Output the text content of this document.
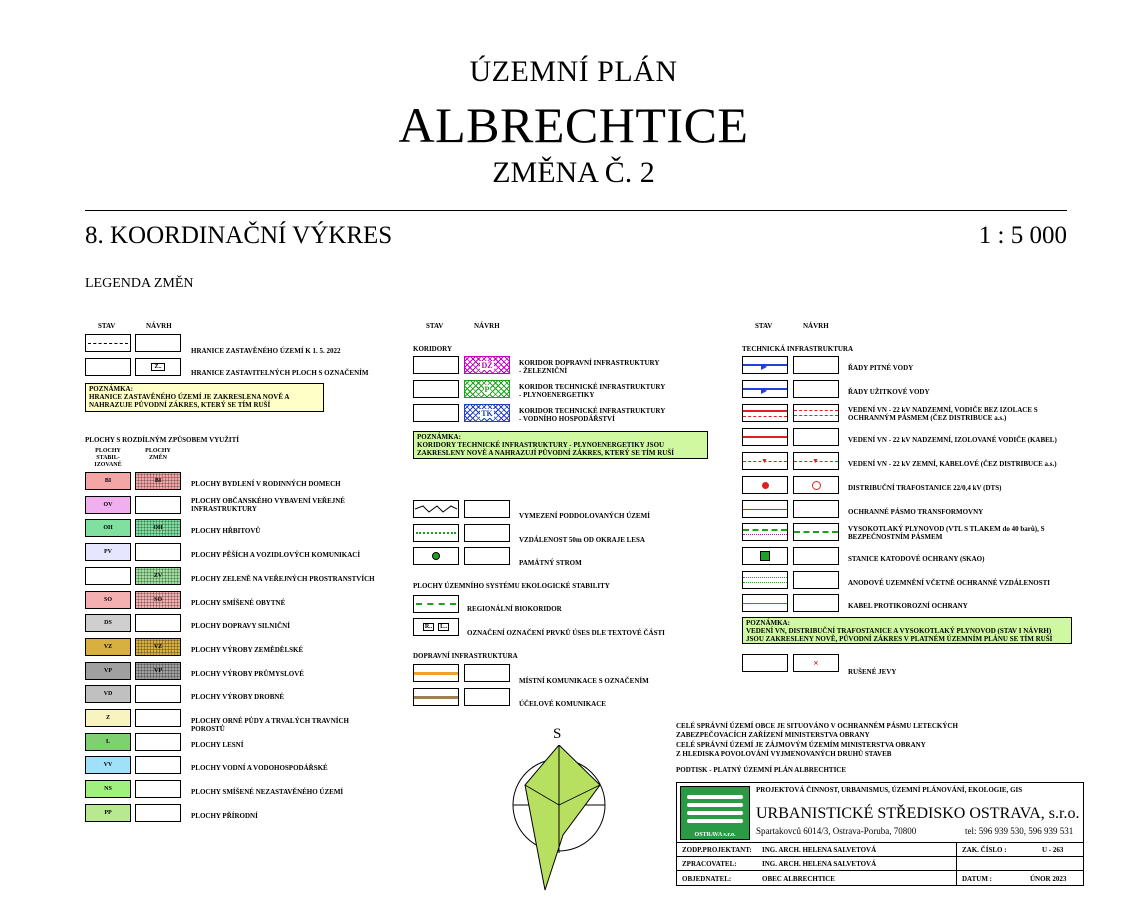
ÚZEMNÍ PLÁN
ALBRECHTICE
ZMĚNA Č. 2
8. KOORDINAČNÍ VÝKRES	1 : 5 000
LEGENDA ZMĚN
STAV	NÁVRH
HRANICE ZASTAVĚNÉHO ÚZEMÍ K 1. 5. 2022
Z..
HRANICE ZASTAVITELNÝCH PLOCH S OZNAČENÍM
POZNÁMKA:
HRANICE ZASTAVĚNÉHO ÚZEMÍ JE ZAKRESLENA NOVĚ A NAHRAZUJE PŮVODNÍ ZÁKRES, KTERÝ SE TÍM RUŠÍ
PLOCHY S ROZDÍLNÝM ZPŮSOBEM VYUŽITÍ
PLOCHY STABIL- IZOVANÉ
PLOCHY ZMĚN
BI	BI	PLOCHY BYDLENÍ V RODINNÝCH DOMECH
OV	PLOCHY OBČANSKÉHO VYBAVENÍ VEŘEJNÉ INFRASTRUKTURY
OH	OH	PLOCHY HŘBITOVŮ
PV	PLOCHY PĚŠÍCH A VOZIDLOVÝCH KOMUNIKACÍ
ZV	PLOCHY ZELENĚ NA VEŘEJNÝCH PROSTRANSTVÍCH
SO	SO	PLOCHY SMÍŠENÉ OBYTNÉ
DS	PLOCHY DOPRAVY SILNIČNÍ
VZ	VZ	PLOCHY VÝROBY ZEMĚDĚLSKÉ
VP	VP	PLOCHY VÝROBY PRŮMYSLOVÉ
VD	PLOCHY VÝROBY DROBNÉ
Z	PLOCHY ORNÉ PŮDY A TRVALÝCH TRAVNÍCH POROSTŮ
L	PLOCHY LESNÍ
VV	PLOCHY VODNÍ A VODOHOSPODÁŘSKÉ
NS	PLOCHY SMÍŠENÉ NEZASTAVĚNÉHO ÚZEMÍ
PP	PLOCHY PŘÍRODNÍ
STAV	NÁVRH
KORIDORY
DŽ	KORIDOR DOPRAVNÍ INFRASTRUKTURY
- ŽELEZNIČNÍ
P	KORIDOR TECHNICKÉ INFRASTRUKTURY
- PLYNOENERGETIKY
TK	KORIDOR TECHNICKÉ INFRASTRUKTURY
- VODNÍHO HOSPODÁŘSTVÍ
POZNÁMKA:
KORIDORY TECHNICKÉ INFRASTRUKTURY - PLYNOENERGETIKY JSOU ZAKRESLENY NOVĚ A NAHRAZUJÍ PŮVODNÍ ZÁKRES, KTERÝ SE TÍM RUŠÍ
VYMEZENÍ PODDOLOVANÝCH ÚZEMÍ
VZDÁLENOST 50m OD OKRAJE LESA
PAMÁTNÝ STROM
PLOCHY ÚZEMNÍHO SYSTÉMU EKOLOGICKÉ STABILITY
REGIONÁLNÍ BIOKORIDOR
R..	L..
OZNAČENÍ OZNAČENÍ PRVKŮ ÚSES DLE TEXTOVÉ ČÁSTI
DOPRAVNÍ INFRASTRUKTURA
MÍSTNÍ KOMUNIKACE S OZNAČENÍM
ÚČELOVÉ KOMUNIKACE
STAV	NÁVRH
TECHNICKÁ INFRASTRUKTURA
▶	ŘADY PITNÉ VODY
▶	ŘADY UŽITKOVÉ VODY
VEDENÍ VN - 22 kV NADZEMNÍ, VODIČE BEZ IZOLACE S OCHRANNÝM PÁSMEM (ČEZ DISTRIBUCE a.s.)
VEDENÍ VN - 22 kV NADZEMNÍ, IZOLOVANÉ VODIČE (KABEL)
▼	▼	VEDENÍ VN - 22 kV ZEMNÍ, KABELOVÉ (ČEZ DISTRIBUCE a.s.)
DISTRIBUČNÍ TRAFOSTANICE 22/0,4 kV (DTS)
OCHRANNÉ PÁSMO TRANSFORMOVNY
VYSOKOTLAKÝ PLYNOVOD (VTL S TLAKEM do 40 barů), S BEZPEČNOSTNÍM PÁSMEM
STANICE KATODOVÉ OCHRANY (SKAO)
ANODOVÉ UZEMNĚNÍ VČETNĚ OCHRANNÉ VZDÁLENOSTI
KABEL PROTIKOROZNÍ OCHRANY
POZNÁMKA:
VEDENÍ VN, DISTRIBUČNÍ TRAFOSTANICE A VYSOKOTLAKÝ PLYNOVOD (STAV I NÁVRH) JSOU ZAKRESLENY NOVĚ, PŮVODNÍ ZÁKRES V PLATNÉM ÚZEMNÍM PLÁNU SE TÍM RUŠÍ
×
RUŠENÉ JEVY
CELÉ SPRÁVNÍ ÚZEMÍ OBCE JE SITUOVÁNO V OCHRANNÉM PÁSMU LETECKÝCH
ZABEZPEČOVACÍCH ZAŘÍZENÍ MINISTERSTVA OBRANY
CELÉ SPRÁVNÍ ÚZEMÍ JE ZÁJMOVÝM ÚZEMÍM MINISTERSTVA OBRANY
Z HLEDISKA POVOLOVÁNÍ VYJMENOVANÝCH DRUHŮ STAVEB
PODTISK - PLATNÝ ÚZEMNÍ PLÁN ALBRECHTICE
S
OSTRAVA s.r.o.
PROJEKTOVÁ ČINNOST, URBANISMUS, ÚZEMNÍ PLÁNOVÁNÍ, EKOLOGIE, GIS
URBANISTICKÉ STŘEDISKO OSTRAVA, s.r.o.
Spartakovců 6014/3, Ostrava-Poruba, 70800	tel: 596 939 530, 596 939 531
ZODP.PROJEKTANT: ING. ARCH. HELENA SALVETOVÁ	ZAK. ČÍSLO :	U - 263
ZPRACOVATEL:	ING. ARCH. HELENA SALVETOVÁ
OBJEDNATEL:	OBEC ALBRECHTICE	DATUM :	ÚNOR 2023
